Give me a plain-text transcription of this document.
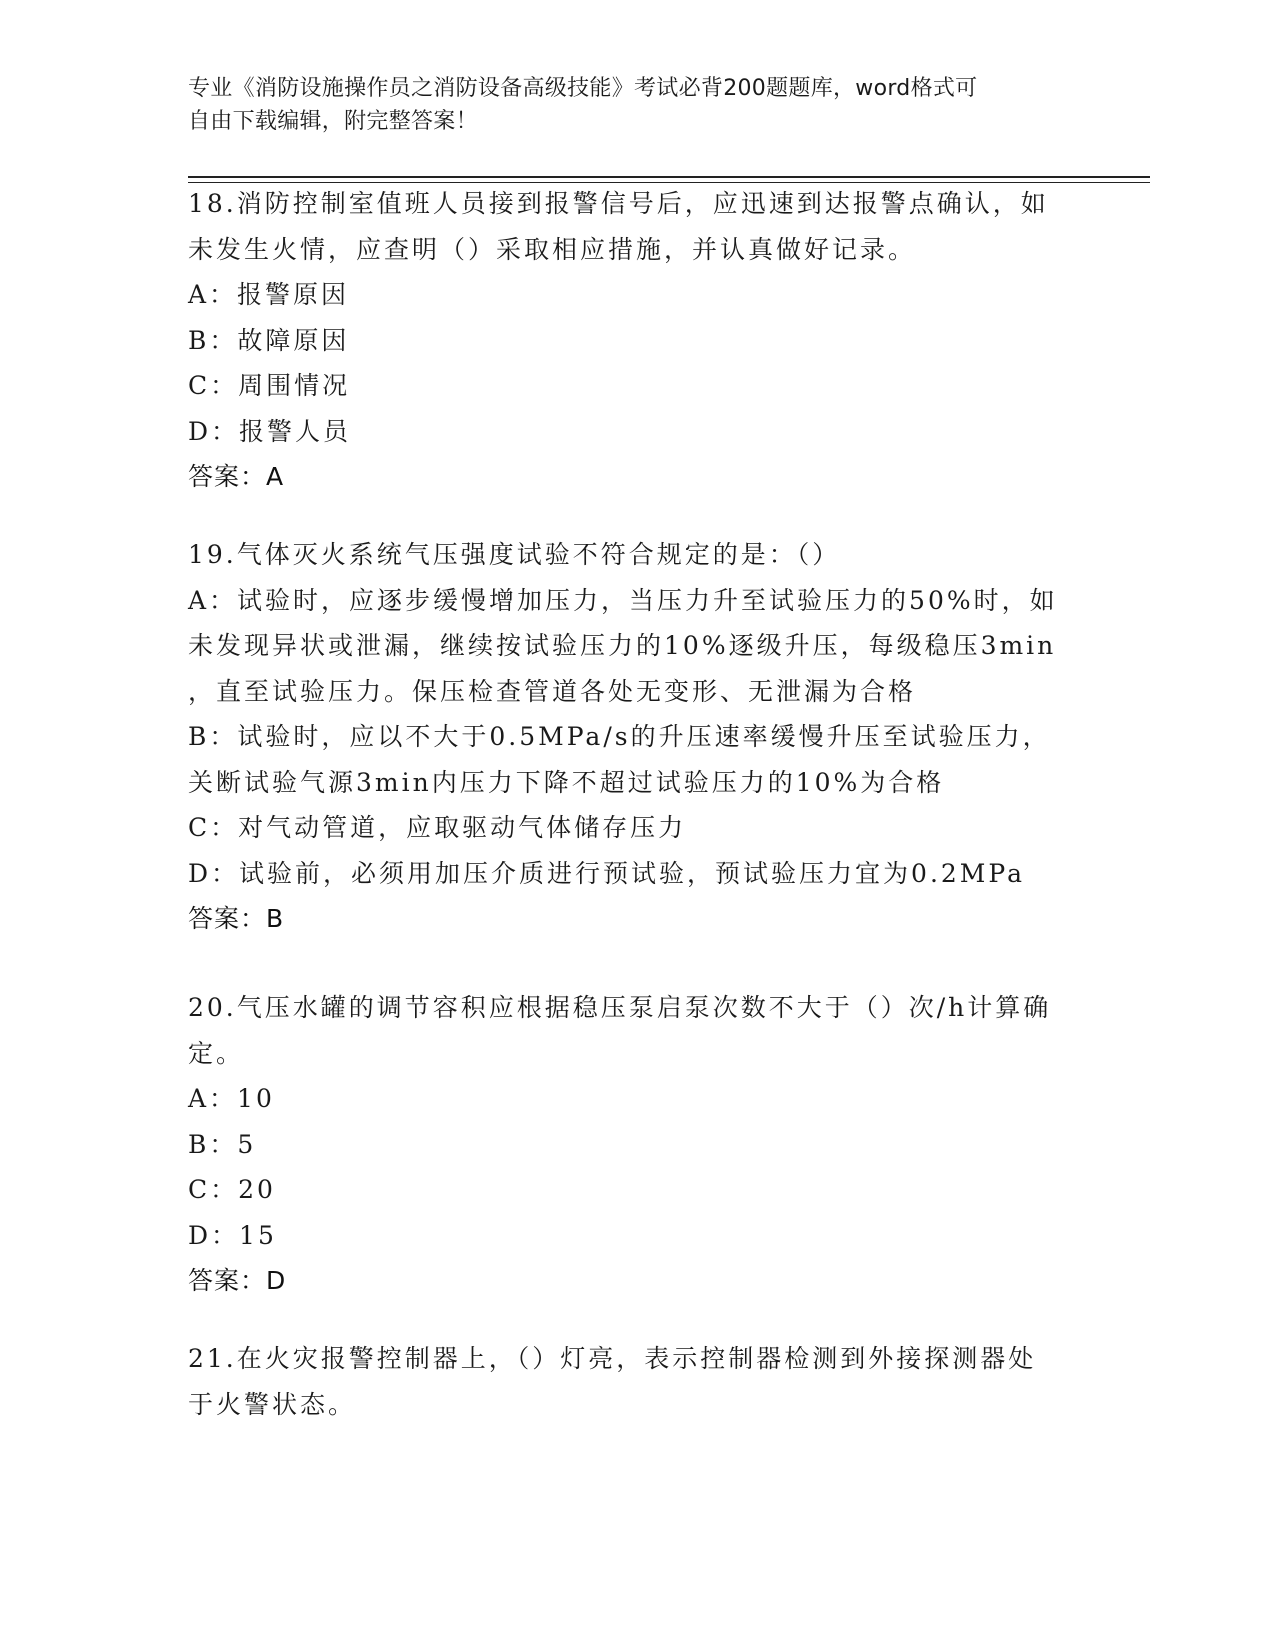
专业《消防设施操作员之消防设备高级技能》考试必背200题题库，word格式可
自由下载编辑，附完整答案！
18.消防控制室值班人员接到报警信号后，应迅速到达报警点确认，如
未发生火情，应查明（）采取相应措施，并认真做好记录。
A：报警原因
B：故障原因
C：周围情况
D：报警人员
答案：A
19.气体灭火系统气压强度试验不符合规定的是：（）
A：试验时，应逐步缓慢增加压力，当压力升至试验压力的50%时，如
未发现异状或泄漏，继续按试验压力的10%逐级升压，每级稳压3min
，直至试验压力。保压检查管道各处无变形、无泄漏为合格
B：试验时，应以不大于0.5MPa/s的升压速率缓慢升压至试验压力，
关断试验气源3min内压力下降不超过试验压力的10%为合格
C：对气动管道，应取驱动气体储存压力
D：试验前，必须用加压介质进行预试验，预试验压力宜为0.2MPa
答案：B
20.气压水罐的调节容积应根据稳压泵启泵次数不大于（）次/h计算确
定。
A：10
B：5
C：20
D：15
答案：D
21.在火灾报警控制器上，（）灯亮，表示控制器检测到外接探测器处
于火警状态。
